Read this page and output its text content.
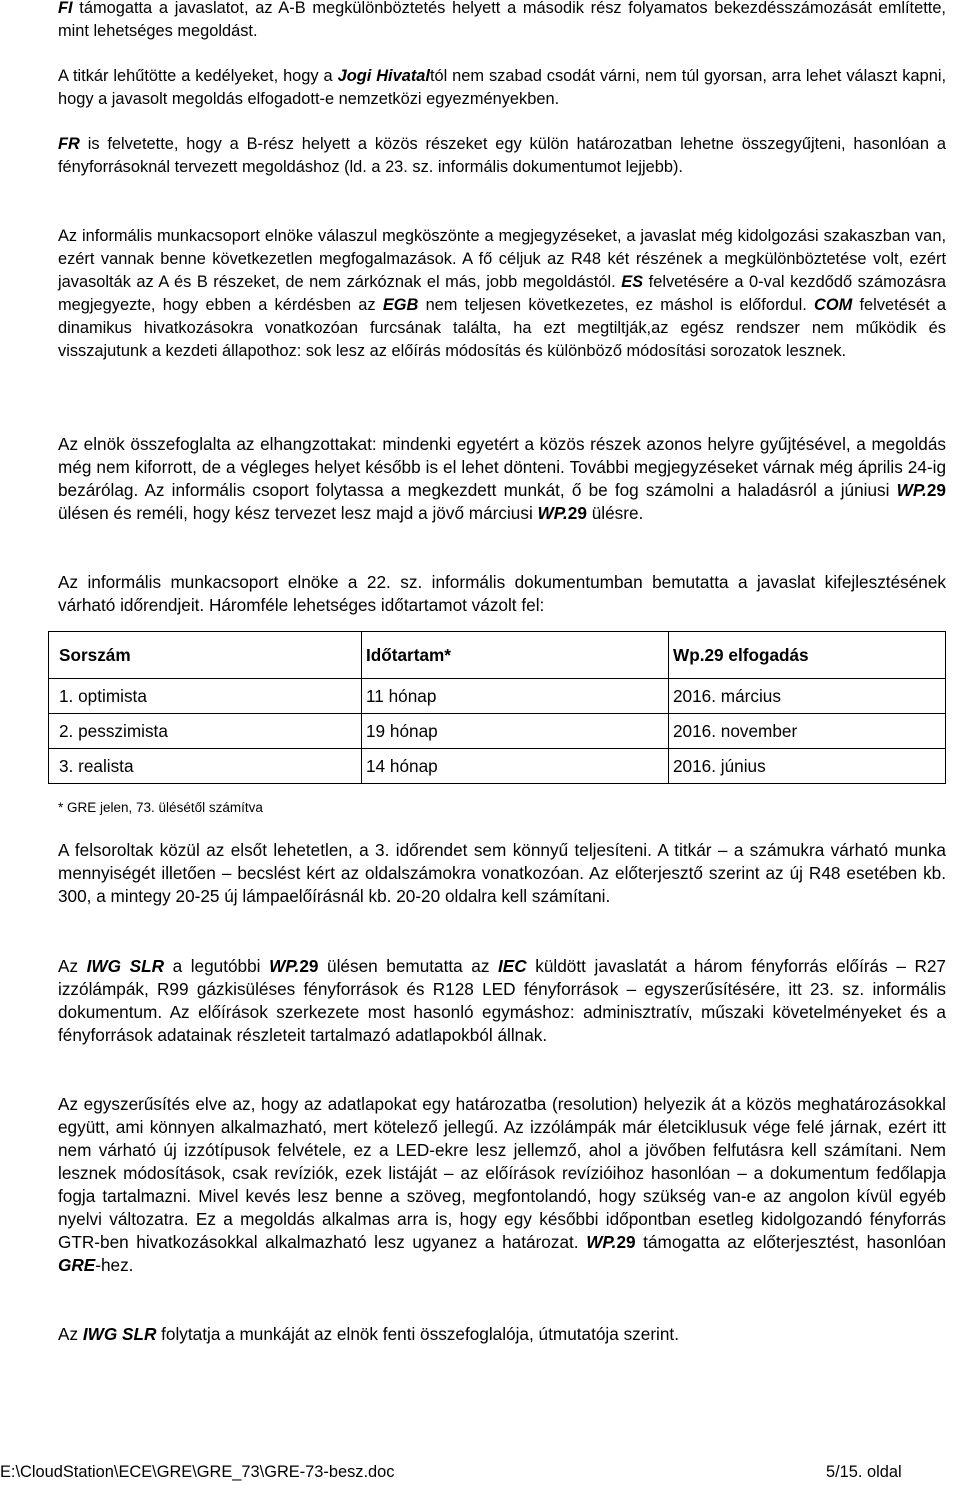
FI támogatta a javaslatot, az A-B megkülönböztetés helyett a második rész folyamatos bekezdésszámozását említette, mint lehetséges megoldást.

A titkár lehűtötte a kedélyeket, hogy a Jogi Hivataltól nem szabad csodát várni, nem túl gyorsan, arra lehet választ kapni, hogy a javasolt megoldás elfogadott-e nemzetközi egyezményekben.

FR is felvetette, hogy a B-rész helyett a közös részeket egy külön határozatban lehetne összegyűjteni, hasonlóan a fényforrásoknál tervezett megoldáshoz (ld. a 23. sz. informális dokumentumot lejjebb).

Az informális munkacsoport elnöke válaszul megköszönte a megjegyzéseket, a javaslat még kidolgozási szakaszban van, ezért vannak benne következetlen megfogalmazások. A fő céljuk az R48 két részének a megkülönböztetése volt, ezért javasolták az A és B részeket, de nem zárkóznak el más, jobb megoldástól. ES felvetésére a 0-val kezdődő számozásra megjegyezte, hogy ebben a kérdésben az EGB nem teljesen következetes, ez máshol is előfordul. COM felvetését a dinamikus hivatkozásokra vonatkozóan furcsának találta, ha ezt megtiltják,az egész rendszer nem működik és visszajutunk a kezdeti állapothoz: sok lesz az előírás módosítás és különböző módosítási sorozatok lesznek.

Az elnök összefoglalta az elhangzottakat: mindenki egyetért a közös részek azonos helyre gyűjtésével, a megoldás még nem kiforrott, de a végleges helyet később is el lehet dönteni. További megjegyzéseket várnak még április 24-ig bezárólag. Az informális csoport folytassa a megkezdett munkát, ő be fog számolni a haladásról a júniusi WP.29 ülésen és reméli, hogy kész tervezet lesz majd a jövő márciusi WP.29 ülésre.

Az informális munkacsoport elnöke a 22. sz. informális dokumentumban bemutatta a javaslat kifejlesztésének várható időrendjeit. Háromféle lehetséges időtartamot vázolt fel:

Sorszám	Időtartam*	Wp.29 elfogadás
1. optimista	11 hónap	2016. március
2. pesszimista	19 hónap	2016. november
3. realista	14 hónap	2016. június

* GRE jelen, 73. ülésétől számítva

A felsoroltak közül az elsőt lehetetlen, a 3. időrendet sem könnyű teljesíteni. A titkár – a számukra várható munka mennyiségét illetően – becslést kért az oldalszámokra vonatkozóan. Az előterjesztő szerint az új R48 esetében kb. 300, a mintegy 20-25 új lámpaelőírásnál kb. 20-20 oldalra kell számítani.

Az IWG SLR a legutóbbi WP.29 ülésen bemutatta az IEC küldött javaslatát a három fényforrás előírás – R27 izzólámpák, R99 gázkisüléses fényforrások és R128 LED fényforrások – egyszerűsítésére, itt 23. sz. informális dokumentum. Az előírások szerkezete most hasonló egymáshoz: adminisztratív, műszaki követelményeket és a fényforrások adatainak részleteit tartalmazó adatlapokból állnak.

Az egyszerűsítés elve az, hogy az adatlapokat egy határozatba (resolution) helyezik át a közös meghatározásokkal együtt, ami könnyen alkalmazható, mert kötelező jellegű. Az izzólámpák már életciklusuk vége felé járnak, ezért itt nem várható új izzótípusok felvétele, ez a LED-ekre lesz jellemző, ahol a jövőben felfutásra kell számítani. Nem lesznek módosítások, csak revíziók, ezek listáját – az előírások revízióihoz hasonlóan – a dokumentum fedőlapja fogja tartalmazni. Mivel kevés lesz benne a szöveg, megfontolandó, hogy szükség van-e az angolon kívül egyéb nyelvi változatra. Ez a megoldás alkalmas arra is, hogy egy későbbi időpontban esetleg kidolgozandó fényforrás GTR-ben hivatkozásokkal alkalmazható lesz ugyanez a határozat. WP.29 támogatta az előterjesztést, hasonlóan GRE-hez.

Az IWG SLR folytatja a munkáját az elnök fenti összefoglalója, útmutatója szerint.

E:\CloudStation\ECE\GRE\GRE_73\GRE-73-besz.doc	5/15. oldal
